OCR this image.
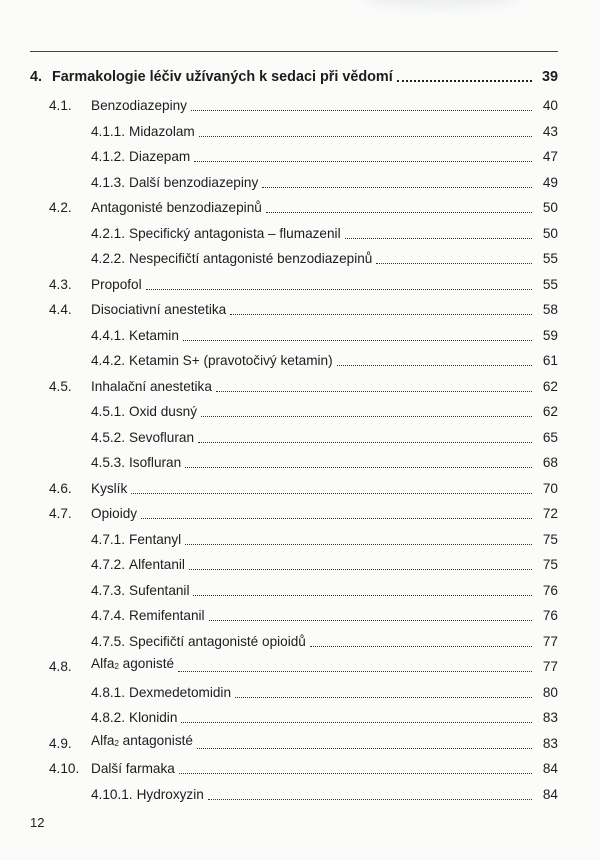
4. Farmakologie léčiv užívaných k sedaci při vědomí	39
4.1.	Benzodiazepiny	40
4.1.1. Midazolam	43
4.1.2. Diazepam	47
4.1.3. Další benzodiazepiny	49
4.2.	Antagonisté benzodiazepinů	50
4.2.1. Specifický antagonista – flumazenil	50
4.2.2. Nespecifičtí antagonisté benzodiazepinů	55
4.3.	Propofol	55
4.4.	Disociativní anestetika	58
4.4.1. Ketamin	59
4.4.2. Ketamin S+ (pravotočivý ketamin)	61
4.5.	Inhalační anestetika	62
4.5.1. Oxid dusný	62
4.5.2. Sevofluran	65
4.5.3. Isofluran	68
4.6.	Kyslík	70
4.7.	Opioidy	72
4.7.1. Fentanyl	75
4.7.2. Alfentanil	75
4.7.3. Sufentanil	76
4.7.4. Remifentanil	76
4.7.5. Specifičtí antagonisté opioidů	77
4.8.	Alfa2 agonisté	77
4.8.1. Dexmedetomidin	80
4.8.2. Klonidin	83
4.9.	Alfa2 antagonisté	83
4.10. Další farmaka	84
4.10.1. Hydroxyzin	84
12
